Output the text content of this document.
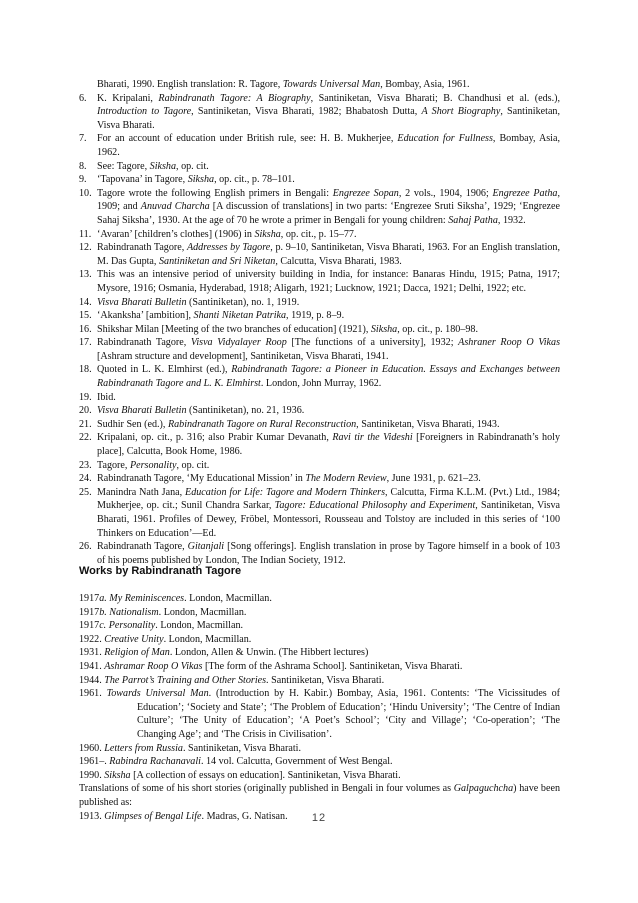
Bharati, 1990. English translation: R. Tagore, Towards Universal Man, Bombay, Asia, 1961.
6.	K. Kripalani, Rabindranath Tagore: A Biography, Santiniketan, Visva Bharati; B. Chandhusi et al. (eds.), Introduction to Tagore, Santiniketan, Visva Bharati, 1982; Bhabatosh Dutta, A Short Biography, Santiniketan, Visva Bharati.
7.	For an account of education under British rule, see: H. B. Mukherjee, Education for Fullness, Bombay, Asia, 1962.
8.	See: Tagore, Siksha, op. cit.
9.	‘Tapovana’ in Tagore, Siksha, op. cit., p. 78–101.
10. Tagore wrote the following English primers in Bengali: Engrezee Sopan, 2 vols., 1904, 1906; Engrezee Patha, 1909; and Anuvad Charcha [A discussion of translations] in two parts: ‘Engrezee Sruti Siksha’, 1929; ‘Engrezee Sahaj Siksha’, 1930. At the age of 70 he wrote a primer in Bengali for young children: Sahaj Patha, 1932.
11. ‘Avaran’ [children’s clothes] (1906) in Siksha, op. cit., p. 15–77.
12. Rabindranath Tagore, Addresses by Tagore, p. 9–10, Santiniketan, Visva Bharati, 1963. For an English translation, M. Das Gupta, Santiniketan and Sri Niketan, Calcutta, Visva Bharati, 1983.
13. This was an intensive period of university building in India, for instance: Banaras Hindu, 1915; Patna, 1917; Mysore, 1916; Osmania, Hyderabad, 1918; Aligarh, 1921; Lucknow, 1921; Dacca, 1921; Delhi, 1922; etc.
14. Visva Bharati Bulletin (Santiniketan), no. 1, 1919.
15. ‘Akanksha’ [ambition], Shanti Niketan Patrika, 1919, p. 8–9.
16. Shikshar Milan [Meeting of the two branches of education] (1921), Siksha, op. cit., p. 180–98.
17. Rabindranath Tagore, Visva Vidyalayer Roop [The functions of a university], 1932; Ashraner Roop O Vikas [Ashram structure and development], Santiniketan, Visva Bharati, 1941.
18. Quoted in L. K. Elmhirst (ed.), Rabindranath Tagore: a Pioneer in Education. Essays and Exchanges between Rabindranath Tagore and L. K. Elmhirst. London, John Murray, 1962.
19. Ibid.
20. Visva Bharati Bulletin (Santiniketan), no. 21, 1936.
21. Sudhir Sen (ed.), Rabindranath Tagore on Rural Reconstruction, Santiniketan, Visva Bharati, 1943.
22. Kripalani, op. cit., p. 316; also Prabir Kumar Devanath, Ravi tir the Videshi [Foreigners in Rabindranath’s holy place], Calcutta, Book Home, 1986.
23. Tagore, Personality, op. cit.
24. Rabindranath Tagore, ‘My Educational Mission’ in The Modern Review, June 1931, p. 621–23.
25. Manindra Nath Jana, Education for Life: Tagore and Modern Thinkers, Calcutta, Firma K.L.M. (Pvt.) Ltd., 1984; Mukherjee, op. cit.; Sunil Chandra Sarkar, Tagore: Educational Philosophy and Experiment, Santiniketan, Visva Bharati, 1961. Profiles of Dewey, Fröbel, Montessori, Rousseau and Tolstoy are included in this series of ‘100 Thinkers on Education’—Ed.
26. Rabindranath Tagore, Gitanjali [Song offerings]. English translation in prose by Tagore himself in a book of 103 of his poems published by London, The Indian Society, 1912.
Works by Rabindranath Tagore
1917a. My Reminiscences. London, Macmillan.
1917b. Nationalism. London, Macmillan.
1917c. Personality. London, Macmillan.
1922. Creative Unity. London, Macmillan.
1931. Religion of Man. London, Allen & Unwin. (The Hibbert lectures)
1941. Ashramar Roop O Vikas [The form of the Ashrama School]. Santiniketan, Visva Bharati.
1944. The Parrot’s Training and Other Stories. Santiniketan, Visva Bharati.
1961. Towards Universal Man. (Introduction by H. Kabir.) Bombay, Asia, 1961. Contents: ‘The Vicissitudes of Education’; ‘Society and State’; ‘The Problem of Education’; ‘Hindu University’; ‘The Centre of Indian Culture’; ‘The Unity of Education’; ‘A Poet’s School’; ‘City and Village’; ‘Co-operation’; ‘The Changing Age’; and ‘The Crisis in Civilisation’.
1960. Letters from Russia. Santiniketan, Visva Bharati.
1961–. Rabindra Rachanavali. 14 vol. Calcutta, Government of West Bengal.
1990. Siksha [A collection of essays on education]. Santiniketan, Visva Bharati.
Translations of some of his short stories (originally published in Bengali in four volumes as Galpaguchcha) have been published as:
1913. Glimpses of Bengal Life. Madras, G. Natisan.	12
